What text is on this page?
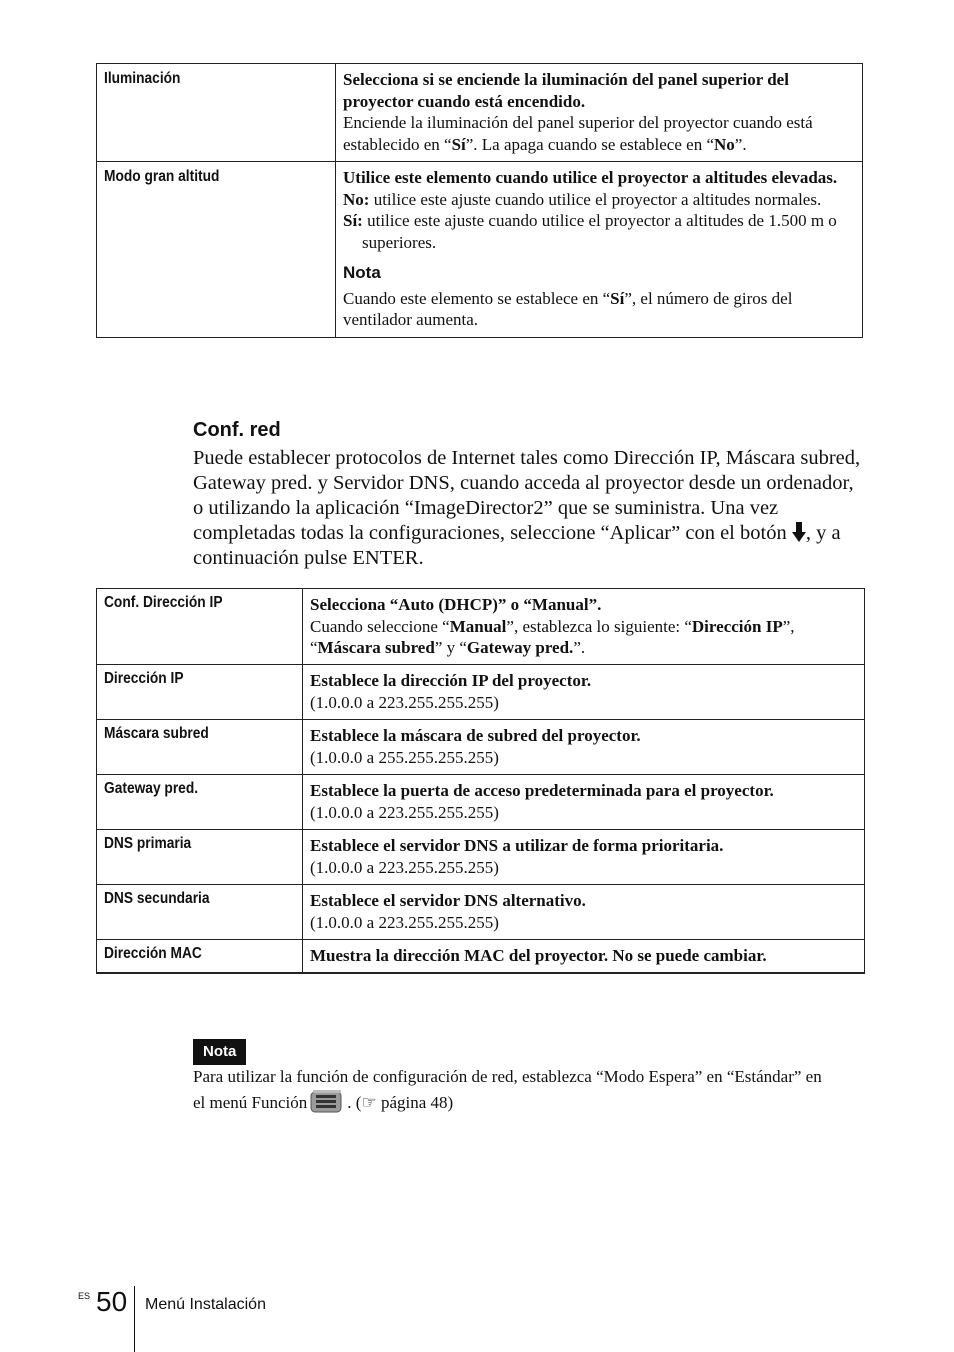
Iluminación	Selecciona si se enciende la iluminación del panel superior del proyector cuando está encendido.
Enciende la iluminación del panel superior del proyector cuando está establecido en “Sí”. La apaga cuando se establece en “No”.

Modo gran altitud	Utilice este elemento cuando utilice el proyector a altitudes elevadas.
No: utilice este ajuste cuando utilice el proyector a altitudes normales.
Sí: utilice este ajuste cuando utilice el proyector a altitudes de 1.500 m o superiores.
Nota
Cuando este elemento se establece en “Sí”, el número de giros del ventilador aumenta.
Conf. red
Puede establecer protocolos de Internet tales como Dirección IP, Máscara subred, Gateway pred. y Servidor DNS, cuando acceda al proyector desde un ordenador, o utilizando la aplicación “ImageDirector2” que se suministra. Una vez completadas todas la configuraciones, seleccione “Aplicar” con el botón , y a continuación pulse ENTER.
Conf. Dirección IP	Selecciona “Auto (DHCP)” o “Manual”.
Cuando seleccione “Manual”, establezca lo siguiente: “Dirección IP”, “Máscara subred” y “Gateway pred.”.

Dirección IP	Establece la dirección IP del proyector.
(1.0.0.0 a 223.255.255.255)

Máscara subred	Establece la máscara de subred del proyector.
(1.0.0.0 a 255.255.255.255)

Gateway pred.	Establece la puerta de acceso predeterminada para el proyector.
(1.0.0.0 a 223.255.255.255)

DNS primaria	Establece el servidor DNS a utilizar de forma prioritaria.
(1.0.0.0 a 223.255.255.255)

DNS secundaria	Establece el servidor DNS alternativo.
(1.0.0.0 a 223.255.255.255)

Dirección MAC	Muestra la dirección MAC del proyector. No se puede cambiar.
Nota
Para utilizar la función de configuración de red, establezca “Modo Espera” en “Estándar” en el menú Función . (☞ página 48)
ES 50 Menú Instalación
